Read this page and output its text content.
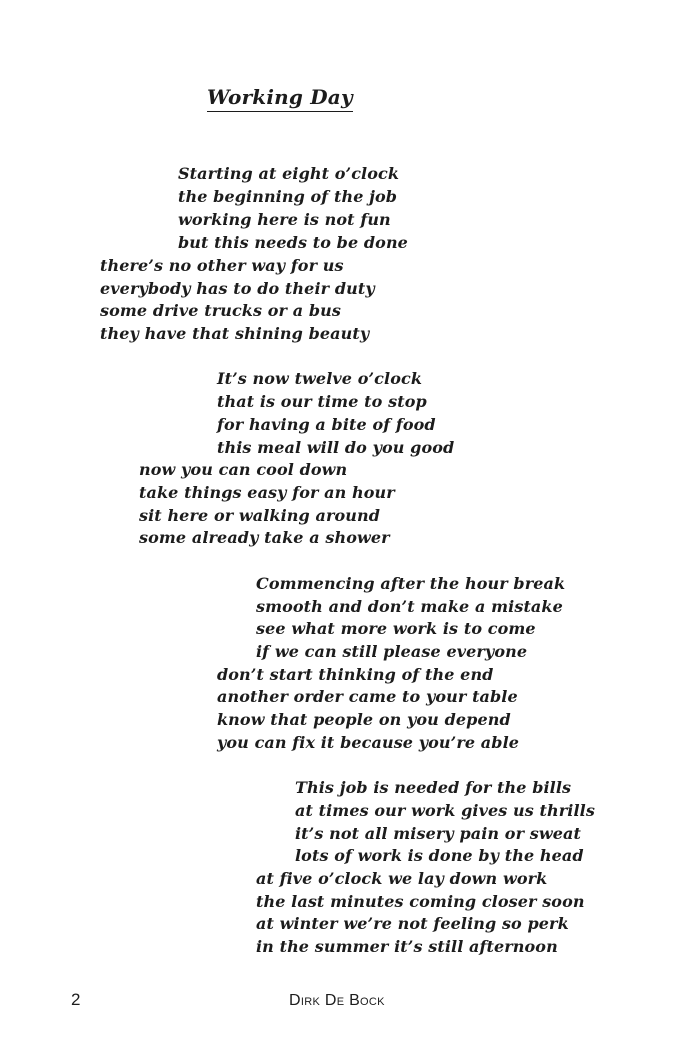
Working Day
Starting at eight o’clock
the beginning of the job
working here is not fun
but this needs to be done
there’s no other way for us
everybody has to do their duty
some drive trucks or a bus
they have that shining beauty
It’s now twelve o’clock
that is our time to stop
for having a bite of food
this meal will do you good
now you can cool down
take things easy for an hour
sit here or walking around
some already take a shower
Commencing after the hour break
smooth and don’t make a mistake
see what more work is to come
if we can still please everyone
don’t start thinking of the end
another order came to your table
know that people on you depend
you can fix it because you’re able
This job is needed for the bills
at times our work gives us thrills
it’s not all misery pain or sweat
lots of work is done by the head
at five o’clock we lay down work
the last minutes coming closer soon
at winter we’re not feeling so perk
in the summer it’s still afternoon
2	Dirk De Bock
